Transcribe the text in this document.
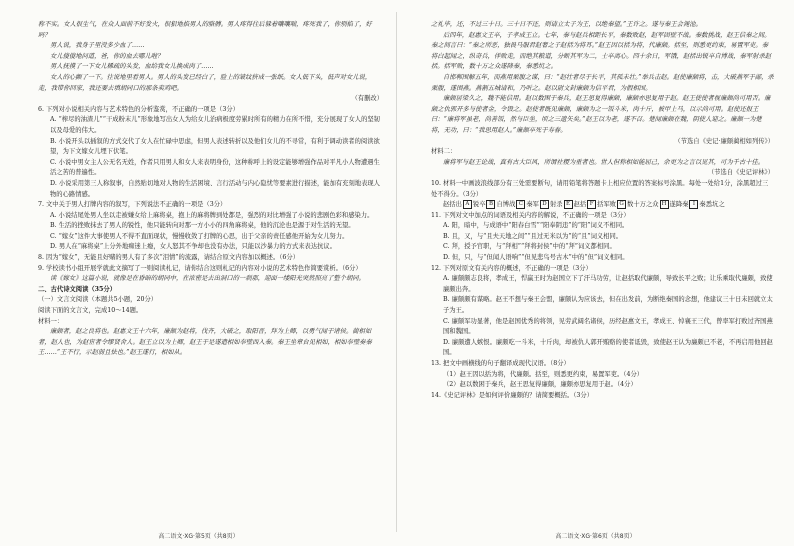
称不实。女人很生气，在众人面前不好发火，很狠地掐男人的胳膊。男人疼得往后躲着嚷嚷喘，疼死我了，你别掐了，好吗？

男人说，我身子里没多少血了……

女儿傻傻地问道，爸，你的血去哪儿啦？

男人抚摸了一下女儿稀疏的头发，血给我女儿换成肉了……

女人的心颤了一下。往说地里看男人。男人的头发已经白了，脸上的皱纹挤成一张纸。女人低下头，低声对女儿说，走，我带你回家，我还要去填胡同口的那条卖鸡吧。

（有删改）

6. 下列对小说相关内容与艺术特色的分析鉴赏，不正确的一项是（3分）

A. “榨尽的油渣儿”“干成粉末儿”形象地写出女人为给女儿治病极度劳累时所有的精力在所不惜，充分展现了女人的坚韧以及母爱的伟大。

B. 小说开头以插叙的方式交代了女人在忙碌中思虑，但男人表述转折以及他们女儿的不寻常，有利于调动读者的阅读欲望，为下文嫁女儿埋下伏笔。

C. 小说中男女主人公无名无姓，作者只用男人和女人来表明身份，这种称呼上的设定能够增强作品对平凡小人物遭遇生活之苦的普遍性。

D. 小说采用第三人称叙事，自然贴切地对人物的生活困境、言行活动与内心隐忧等要素进行描述，能加有充刻地表现人物的心路情感。

7. 文中关于男人打牌内容的叙写，下列说法不正确的一项是（3分）

A. 小说结尾处男人坐以走被嫌女给上麻将桌，抱上的麻将牌到处都是，强烈的对比增强了小说的悲剧色彩和感染力。

B. 生活的挫败抹去了男人的锐性，他只能转向对那一方小小的四角麻将桌，他的沉沦也是源于对生活的无望。

C. “嫁女”这件大事使男人不得不直面现状，慢慢收敛了打牌的心思，出于父亲的责任感他开始为女儿努力。

D. 男人在“麻将桌”上分外地痴迷上瘾，女人怒其不争却也没有办法，只能以沙暴力的方式来表达抗议。

8. 因为“嫁女”，无能且好赌的男人有了多次“泪情”的流露，请结合原文内容加以概述。（6分）

9. 学校读书小组开展学就此文摘写了一则阅读札记，请你结合这则札记的内容对小说的艺术特色作简要赏析。（6分）

读《嫁女》这篇小说，就像是在昏暗的胡同中，在浓密是去出洞口的一刹那，迎面一缕阳光突然照亮了整个胡同。

二、古代诗文阅读（35分）

（一）文言文阅读（本题共5小题，20分）

阅读下面的文言文，完成10～14题。

材料一：

廉颇者，赵之良将也。赵惠文王十六年，廉颇为赵将，伐齐，大破之，取阳晋，拜为上卿，以勇气闻于诸侯。蔺相如者，赵人也，为赵宦者令缪贤舍人。赵王立以为上卿，赵王于是遂遣相如奉璧西入秦。秦王坐章台见相如，相如奉璧奏秦王……“王不行，示赵弱且怯也。”赵王遂行，相如从。

高二语文·XG·第5页（共8页）

之礼毕，还，不过三十日。三十日不还，则请立太子为王，以绝秦望。”王许之。遂与秦王会渑池。

后四年，赵惠文王卒，子孝成王立。七年，秦与赵兵相距长平，秦数败赵，赵军固壁不战。秦数挑战，赵王信秦之间。秦之间言曰：“秦之所恶，独畏马服君赵奢之子赵括为将耳。”赵王因以括为将，代廉颇。括至，则悉更约束，易置军吏。秦将白起闻之，纵奇兵，佯败走，而绝其粮道，分断其军为二，士卒离心。四十余日，军饿，赵括出锐卒自博战，秦军射杀赵括。括军败，数十万之众遂降秦，秦悉坑之。

自邯郸围解五年，而燕用栗腹之谋，曰：“赵壮者尽于长平，其孤未壮。”举兵击赵。赵使廉颇将，击，大破燕军于鄗，杀栗腹，遂围燕。燕割五城请和，乃听之。赵以尉文封廉颇为信平君，为假相国。

廉颇居梁久之，魏不能信用。赵以数困于秦兵，赵王思复得廉颇，廉颇亦思复用于赵。赵王使使者视廉颇尚可用否。廉颇之仇郭开多与使者金，令毁之。赵使者既见廉颇，廉颇为之一饭斗米，肉十斤，被甲上马，以示尚可用。赵使还报王曰：“廉将军虽老，尚善饭，然与臣坐，顷之三遗矢矣。”赵王以为老，遂不召。楚闻廉颇在魏，阴使人迎之。廉颇一为楚将，无功，曰：“我思用赵人。”廉颇卒死于寿春。

（节选自《史记·廉颇蔺相如列传》）

材料二：

廉将军与赵王论战，真有古大臣风，所谓社稷为重者也。世人但称相如能屈己，余更为之言以见其，可为千古十佳。

（节选自《史记评林》）

10. 材料一中画波浪线部分有三处需要断句，请用铅笔将答题卡上相应位置的答案标号涂黑。每处一处给1分，涂黑超过三处不得分。（3分）

赵括出 A 锐卒 B 自博战 C 秦军 D 射杀 E 赵括 F 括军败 G 数十万之众 H 遂降秦 I 秦悉坑之

11. 下列对文中加点的词语及相关内容的解说，不正确的一项是（3分）

A. 阳，暗中，与成语中“阳春白雪”“阳奉阴违”的“阳”词义不相同。

B. 且，又，与“且夫天地之间”“且过无米以为”的“且”词义相同。

C. 拜，授予官职，与“拜相”“拜将封侯”中的“拜”词义都相同。

D. 但，只，与“但闻人语响”“但见悲鸟号古木”中的“但”词义相同。

12. 下列对原文有关内容的概述，不正确的一项是（3分）

A. 廉颇颇志良将，孝成王，悍赢王时为赵国立下了汗马功劳，让赵括取代廉颇，导致长平之败；让乐乘取代廉颇，致使廉颇出奔。

B. 廉颇颇有谋略。赵王不想与秦王会盟，廉颇认为应该去，但在出发前，为断绝秦国的念想，他建议三十日未回就立太子为王。

C. 廉颇军功显著，他是赵国优秀的将领，见劳武阔名诸侯，历经赵惠文王，孝成王、悼襄王三代，曾率军打败过齐国燕国和魏国。

D. 廉颇遭人嫉恨。廉颇吃一斗米，十斤肉，却被仇人郭开贿赂的使者诋毁，致使赵王认为廉颇已不老，不再启用他回赵国。

13. 把文中画横线的句子翻译成现代汉语。（8分）

（1）赵王因以括为将，代廉颇。括至，则悉更约束，易置军吏。（4分）

（2）赵以数困于秦兵，赵王思复得廉颇，廉颇亦思复用于赵。（4分）

14.《史记评林》是如何评价廉颇的？请简要概括。（3分）

高二语文·XG·第6页（共8页）
